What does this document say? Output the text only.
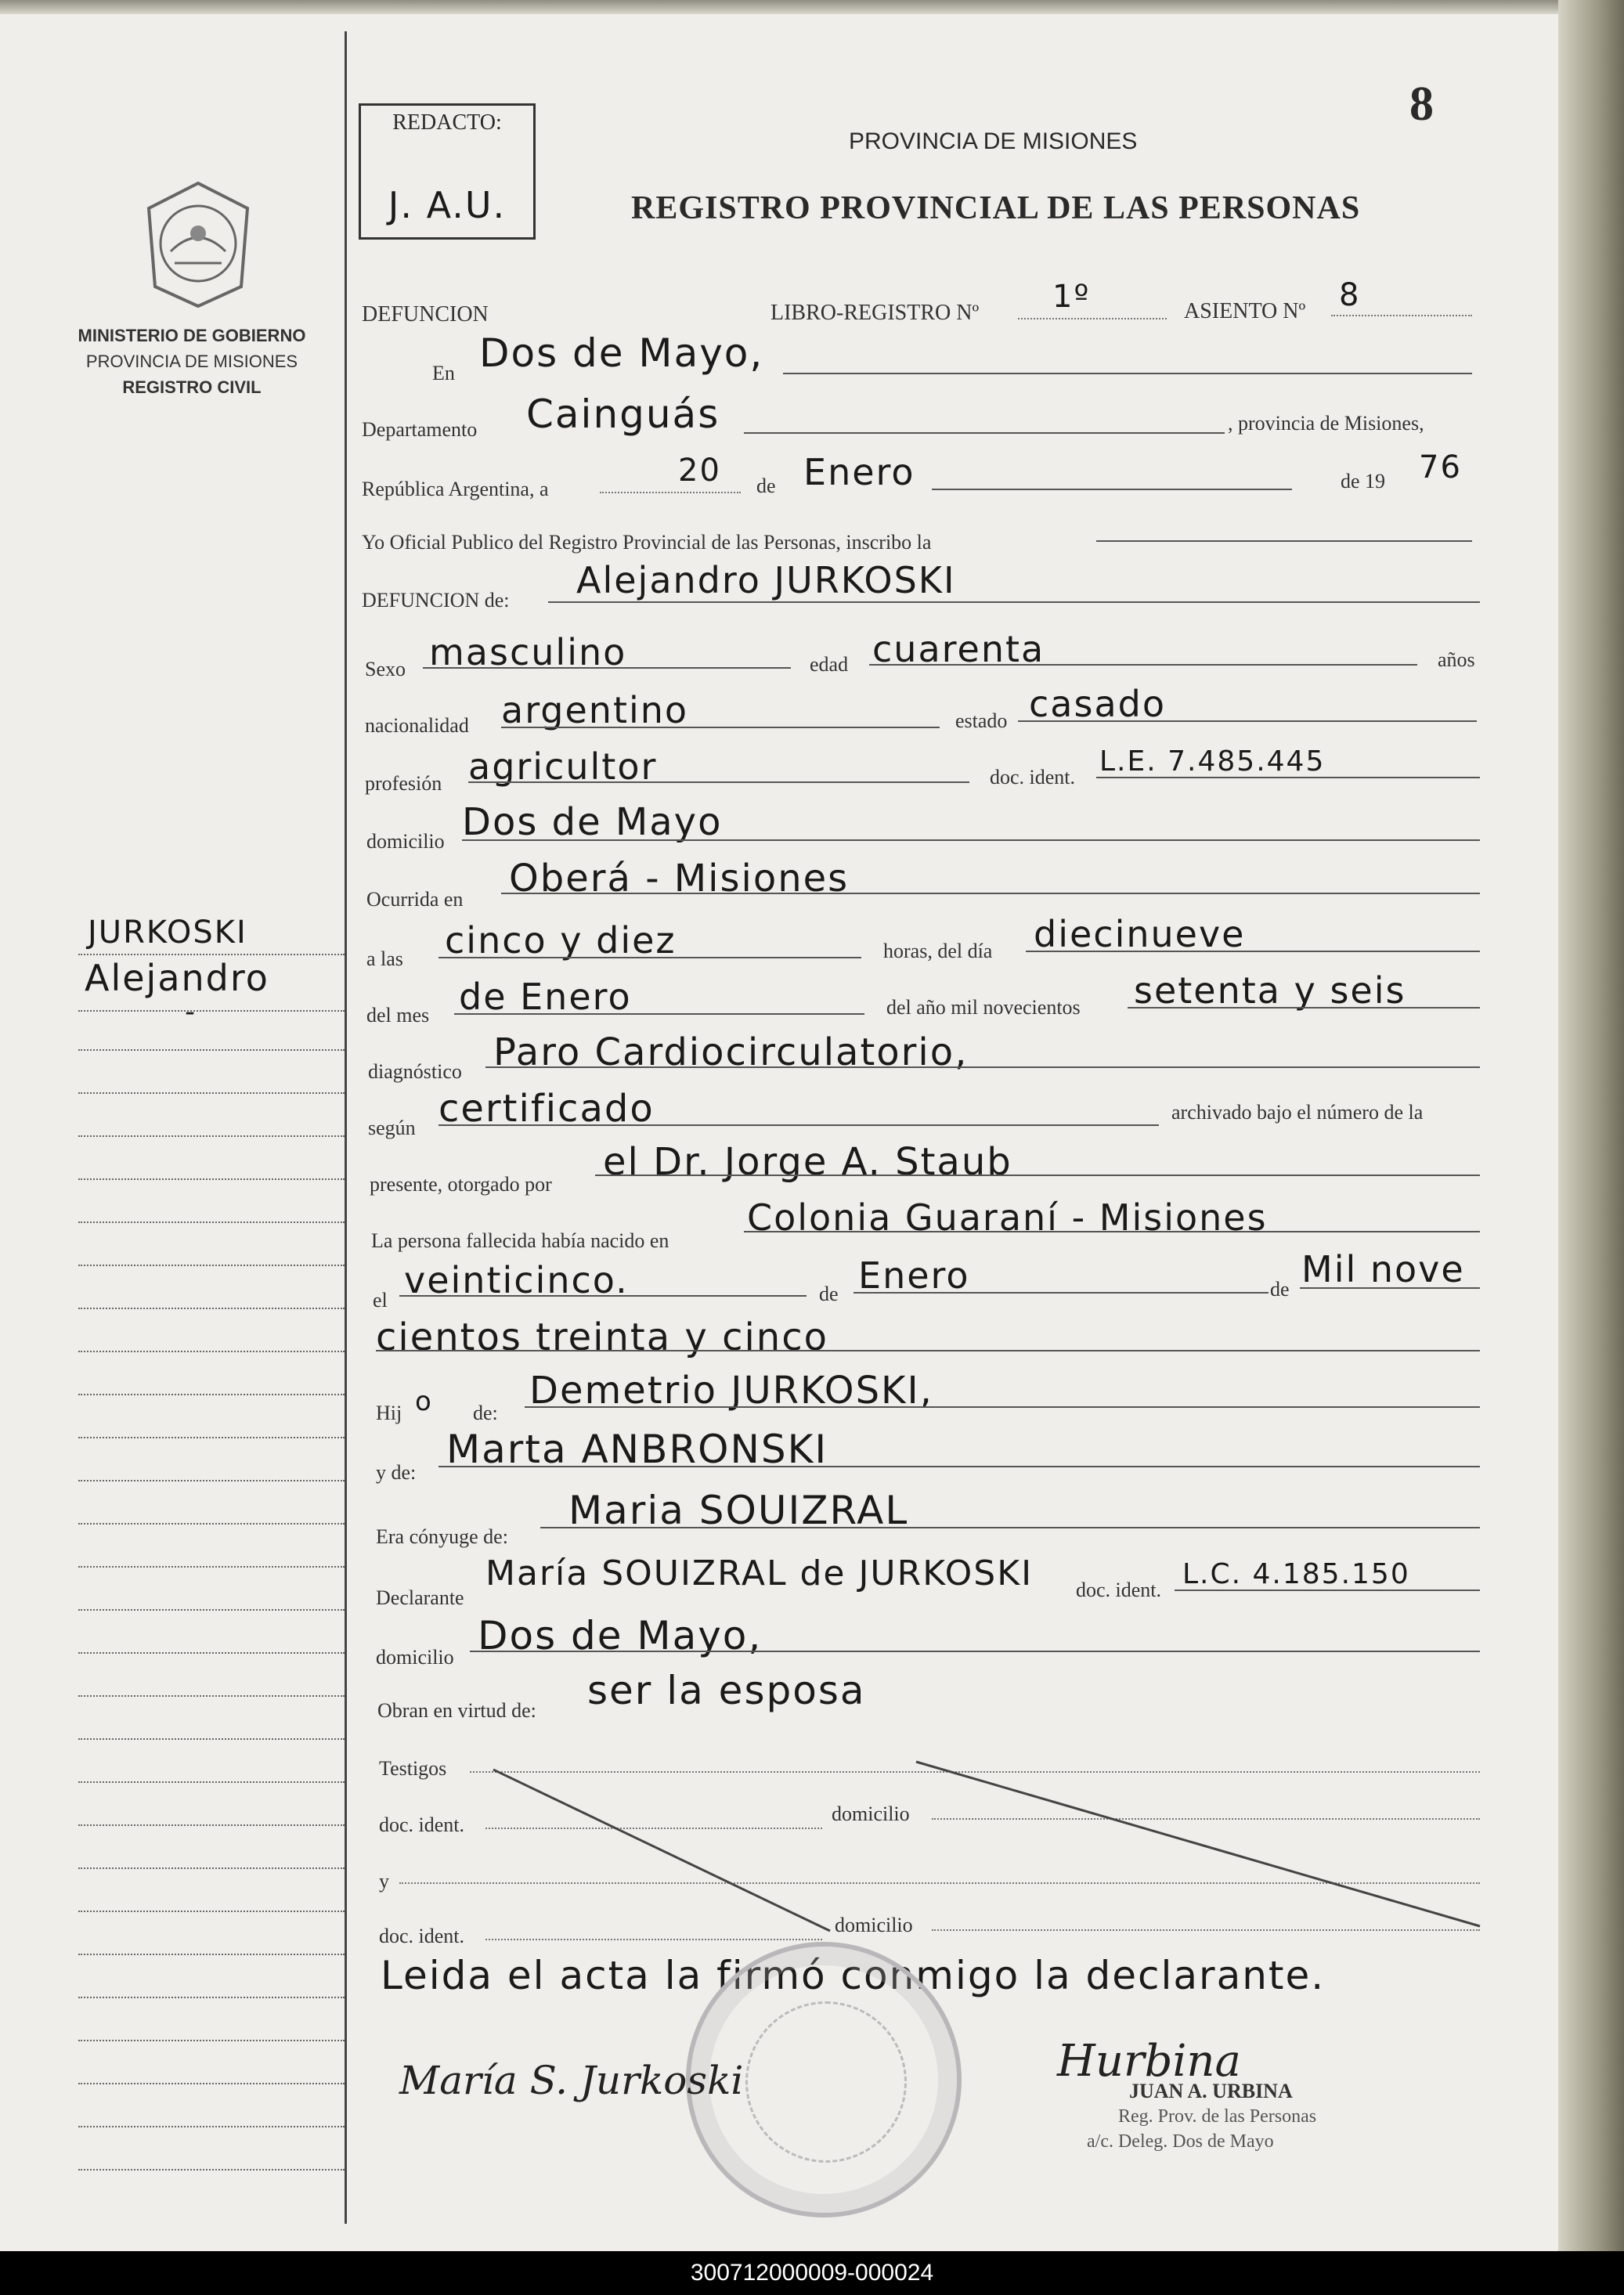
MINISTERIO DE GOBIERNO
PROVINCIA DE MISIONES
REGISTRO CIVIL
JURKOSKI
Alejandro
-
REDACTO:
J. A.U.
8
PROVINCIA DE MISIONES
REGISTRO PROVINCIAL DE LAS PERSONAS
DEFUNCION	LIBRO-REGISTRO Nº 1º	ASIENTO Nº 8
En Dos de Mayo,
Departamento Cainguás	, provincia de Misiones,
República Argentina, a
20 de Enero	de 19 76
Yo Oficial Publico del Registro Provincial de las Personas, inscribo la
DEFUNCION de: Alejandro JURKOSKI
Sexo masculino	edad cuarenta	años
nacionalidad argentino	estado casado
profesión agricultor	doc. ident. L.E. 7.485.445
domicilio Dos de Mayo
Ocurrida en Oberá - Misiones
a las cinco y diez	horas, del día diecinueve
del mes de Enero	del año mil novecientos setenta y seis
diagnóstico Paro Cardiocirculatorio,
según certificado	archivado bajo el número de la
presente, otorgado por
el Dr. Jorge A. Staub
La persona fallecida había nacido en
Colonia Guaraní - Misiones
el veinticinco.	de Enero	de Mil nove
cientos treinta y cinco
Hij o de:
Demetrio JURKOSKI,
y de:
Marta ANBRONSKI
Era cónyuge de:
Maria SOUIZRAL
Declarante
María SOUIZRAL de JURKOSKI doc. ident. L.C. 4.185.150
domicilio Dos de Mayo,
Obran en virtud de: ser la esposa
Testigos
doc. ident.	domicilio
y
doc. ident.	domicilio
Leida el acta la firmó conmigo la declarante.
María S. Jurkoski	Hurbina
JUAN A. URBINA
Reg. Prov. de las Personas
a/c. Deleg. Dos de Mayo
300712000009-000024
